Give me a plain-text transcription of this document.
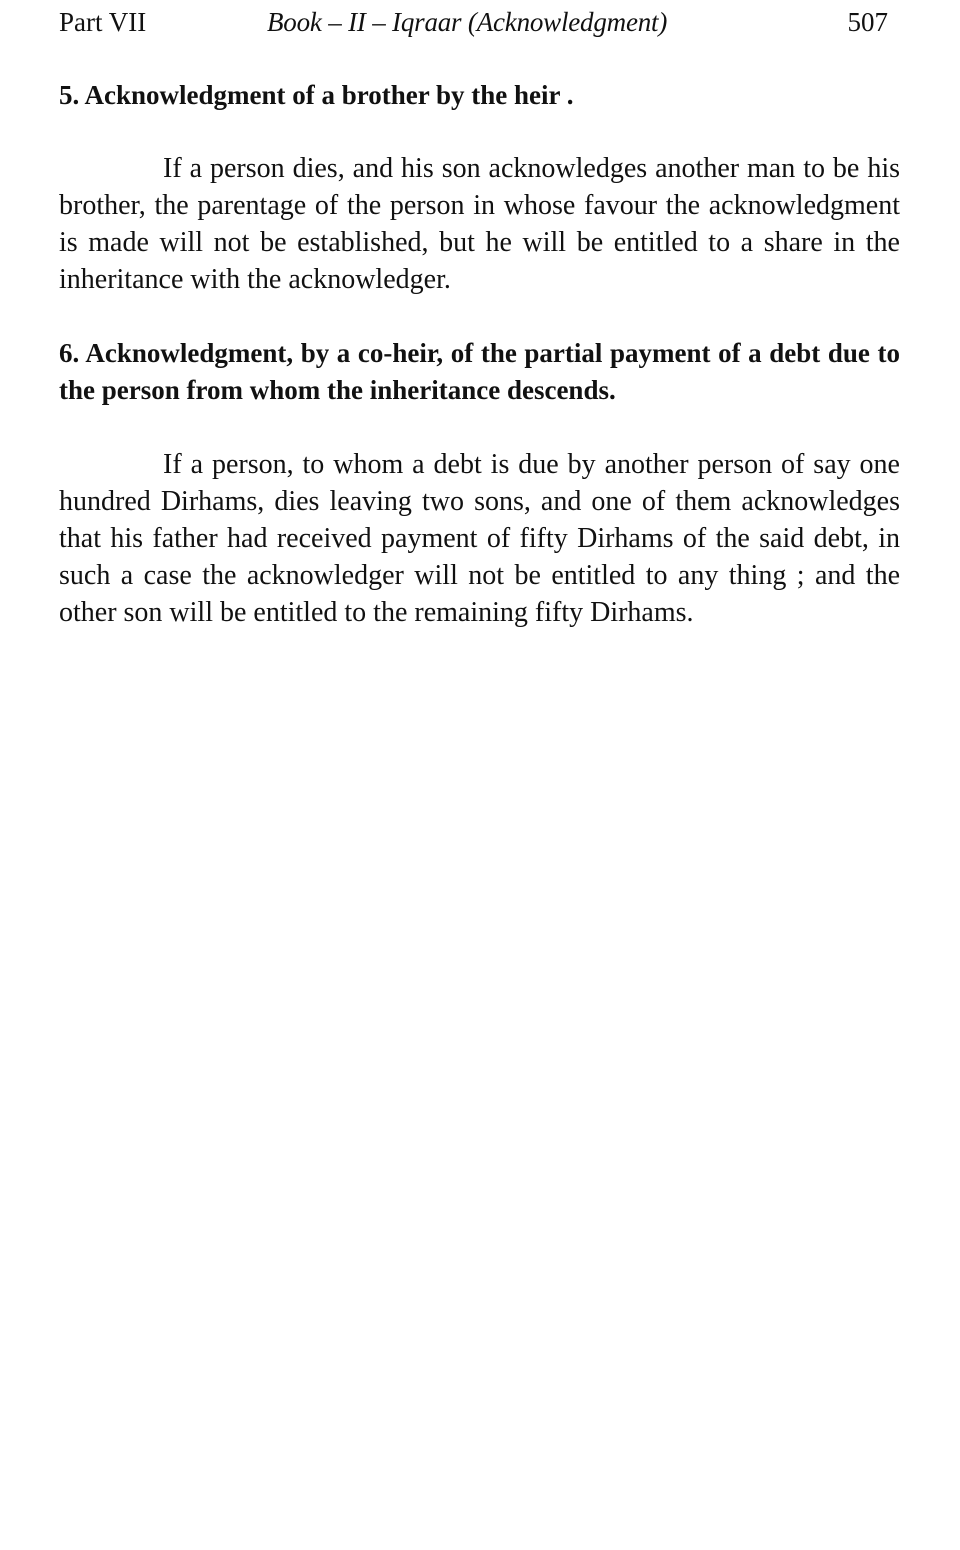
Part VII	Book – II – Iqraar (Acknowledgment)	507
5. Acknowledgment of a brother by the heir .

If a person dies, and his son acknowledges another man to be his brother, the parentage of the person in whose favour the acknowledgment is made will not be established, but he will be entitled to a share in the inheritance with the acknowledger.

6. Acknowledgment, by a co-heir, of the partial payment of a debt due to the person from whom the inheritance descends.

If a person, to whom a debt is due by another person of say one hundred Dirhams, dies leaving two sons, and one of them acknowledges that his father had received payment of fifty Dirhams of the said debt, in such a case the acknowledger will not be entitled to any thing ; and the other son will be entitled to the remaining fifty Dirhams.
